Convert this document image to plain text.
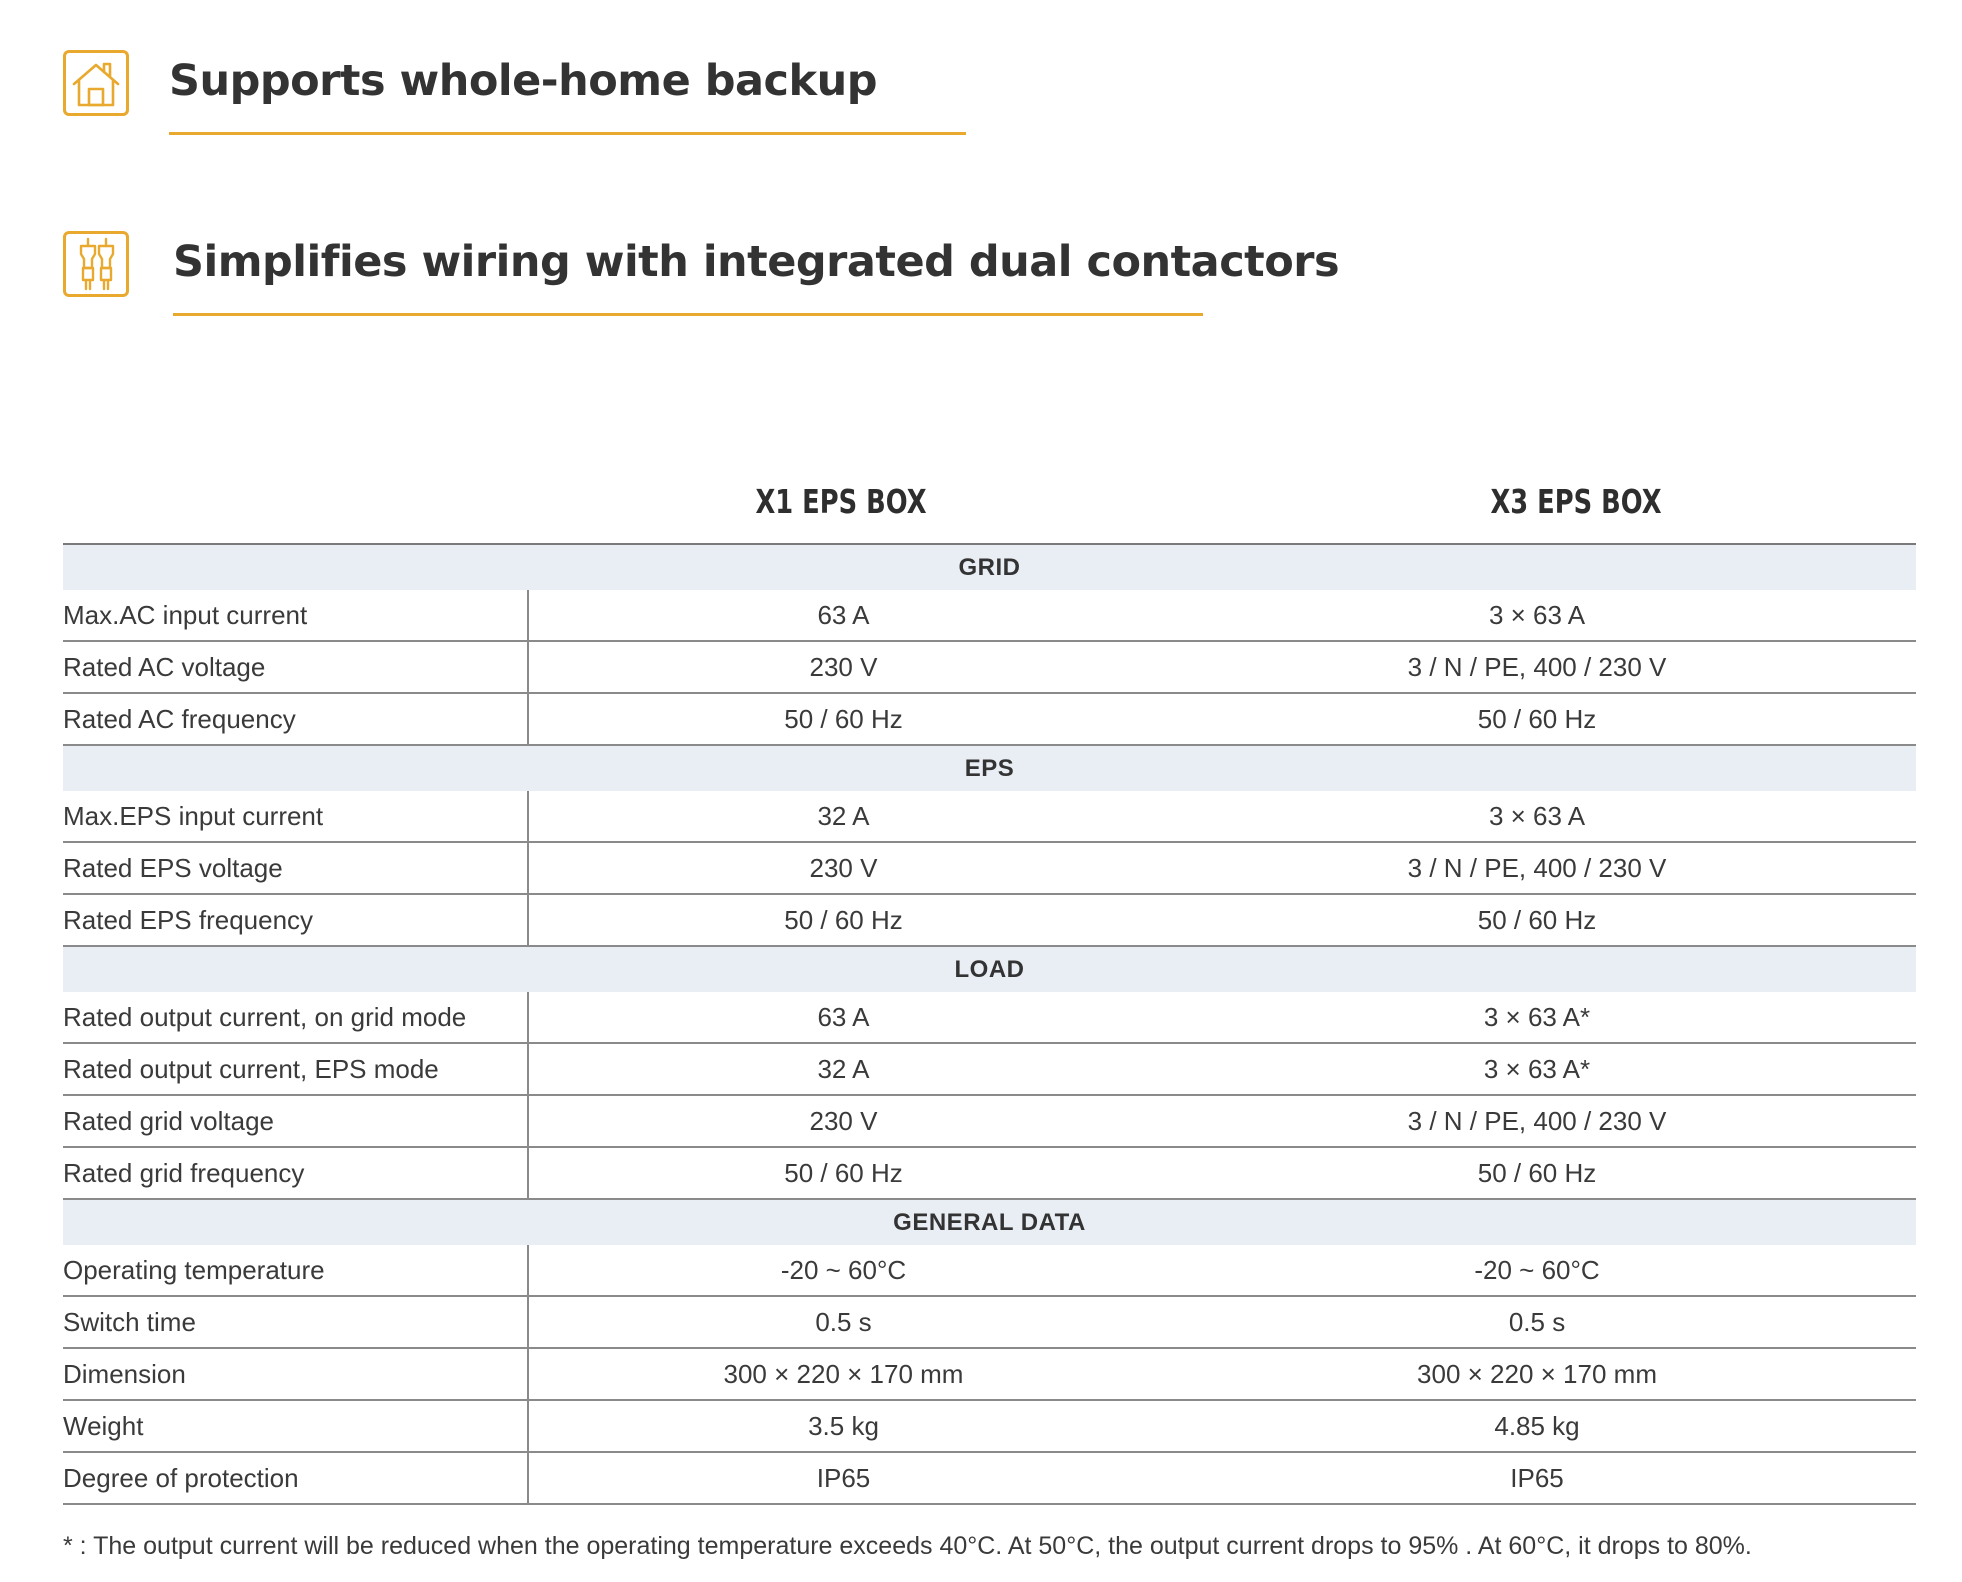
Supports whole-home backup
Simplifies wiring with integrated dual contactors
X1 EPS BOX	X3 EPS BOX
GRID		
Max.AC input current	63 A	3 × 63 A
Rated AC voltage	230 V	3 / N / PE, 400 / 230 V
Rated AC frequency	50 / 60 Hz	50 / 60 Hz
EPS		
Max.EPS input current	32 A	3 × 63 A
Rated EPS voltage	230 V	3 / N / PE, 400 / 230 V
Rated EPS frequency	50 / 60 Hz	50 / 60 Hz
LOAD		
Rated output current, on grid mode	63 A	3 × 63 A*
Rated output current, EPS mode	32 A	3 × 63 A*
Rated grid voltage	230 V	3 / N / PE, 400 / 230 V
Rated grid frequency	50 / 60 Hz	50 / 60 Hz
GENERAL DATA		
Operating temperature	-20 ~ 60°C	-20 ~ 60°C
Switch time	0.5 s	0.5 s
Dimension	300 × 220 × 170 mm	300 × 220 × 170 mm
Weight	3.5 kg	4.85 kg
Degree of protection	IP65	IP65
* : The output current will be reduced when the operating temperature exceeds 40°C. At 50°C, the output current drops to 95% . At 60°C, it drops to 80%.
